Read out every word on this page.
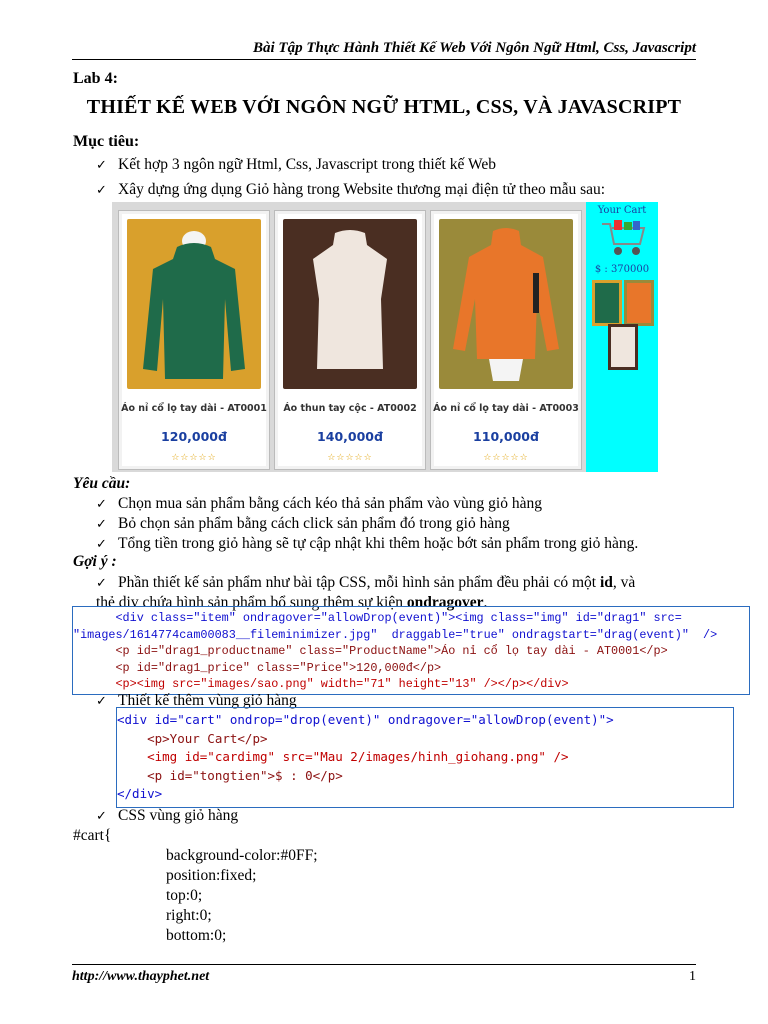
Bài Tập Thực Hành Thiết Kế Web Với Ngôn Ngữ Html, Css, Javascript
Lab 4:
THIẾT KẾ WEB VỚI NGÔN NGỮ HTML, CSS, VÀ JAVASCRIPT
Mục tiêu:
✓ Kết hợp 3 ngôn ngữ Html, Css, Javascript trong thiết kế Web
✓ Xây dựng ứng dụng Giỏ hàng trong Website thương mại điện tử theo mẫu sau:
Áo nỉ cổ lọ tay dài - AT0001
120,000đ
☆☆☆☆☆
Áo thun tay cộc - AT0002
140,000đ
☆☆☆☆☆
Áo nỉ cổ lọ tay dài - AT0003
110,000đ
☆☆☆☆☆
Your Cart
$ : 370000
Yêu cầu:
✓ Chọn mua sản phẩm bằng cách kéo thả sản phẩm vào vùng giỏ hàng
✓ Bỏ chọn sản phẩm bằng cách click sản phẩm đó trong giỏ hàng
✓ Tổng tiền trong giỏ hàng sẽ tự cập nhật khi thêm hoặc bớt sản phẩm trong giỏ hàng.
Gợi ý :
✓ Phần thiết kế sản phẩm như bài tập CSS, mỗi hình sản phẩm đều phải có một id, và
thẻ div chứa hình sản phẩm bổ sung thêm sự kiện ondragover.
<div class="item" ondragover="allowDrop(event)"><img class="img" id="drag1" src=
"images/1614774cam00083__fileminimizer.jpg"  draggable="true" ondragstart="drag(event)"  />
<p id="drag1_productname" class="ProductName">Áo nỉ cổ lọ tay dài - AT0001</p>
<p id="drag1_price" class="Price">120,000đ</p>
<p><img src="images/sao.png" width="71" height="13" /></p></div>
✓ Thiết kế thêm vùng giỏ hàng
<div id="cart" ondrop="drop(event)" ondragover="allowDrop(event)">
<p>Your Cart</p>
<img id="cardimg" src="Mau 2/images/hinh_giohang.png" />
<p id="tongtien">$ : 0</p>
</div>
✓ CSS vùng giỏ hàng
#cart{
background-color:#0FF;
position:fixed;
top:0;
right:0;
bottom:0;
http://www.thayphet.net	1
